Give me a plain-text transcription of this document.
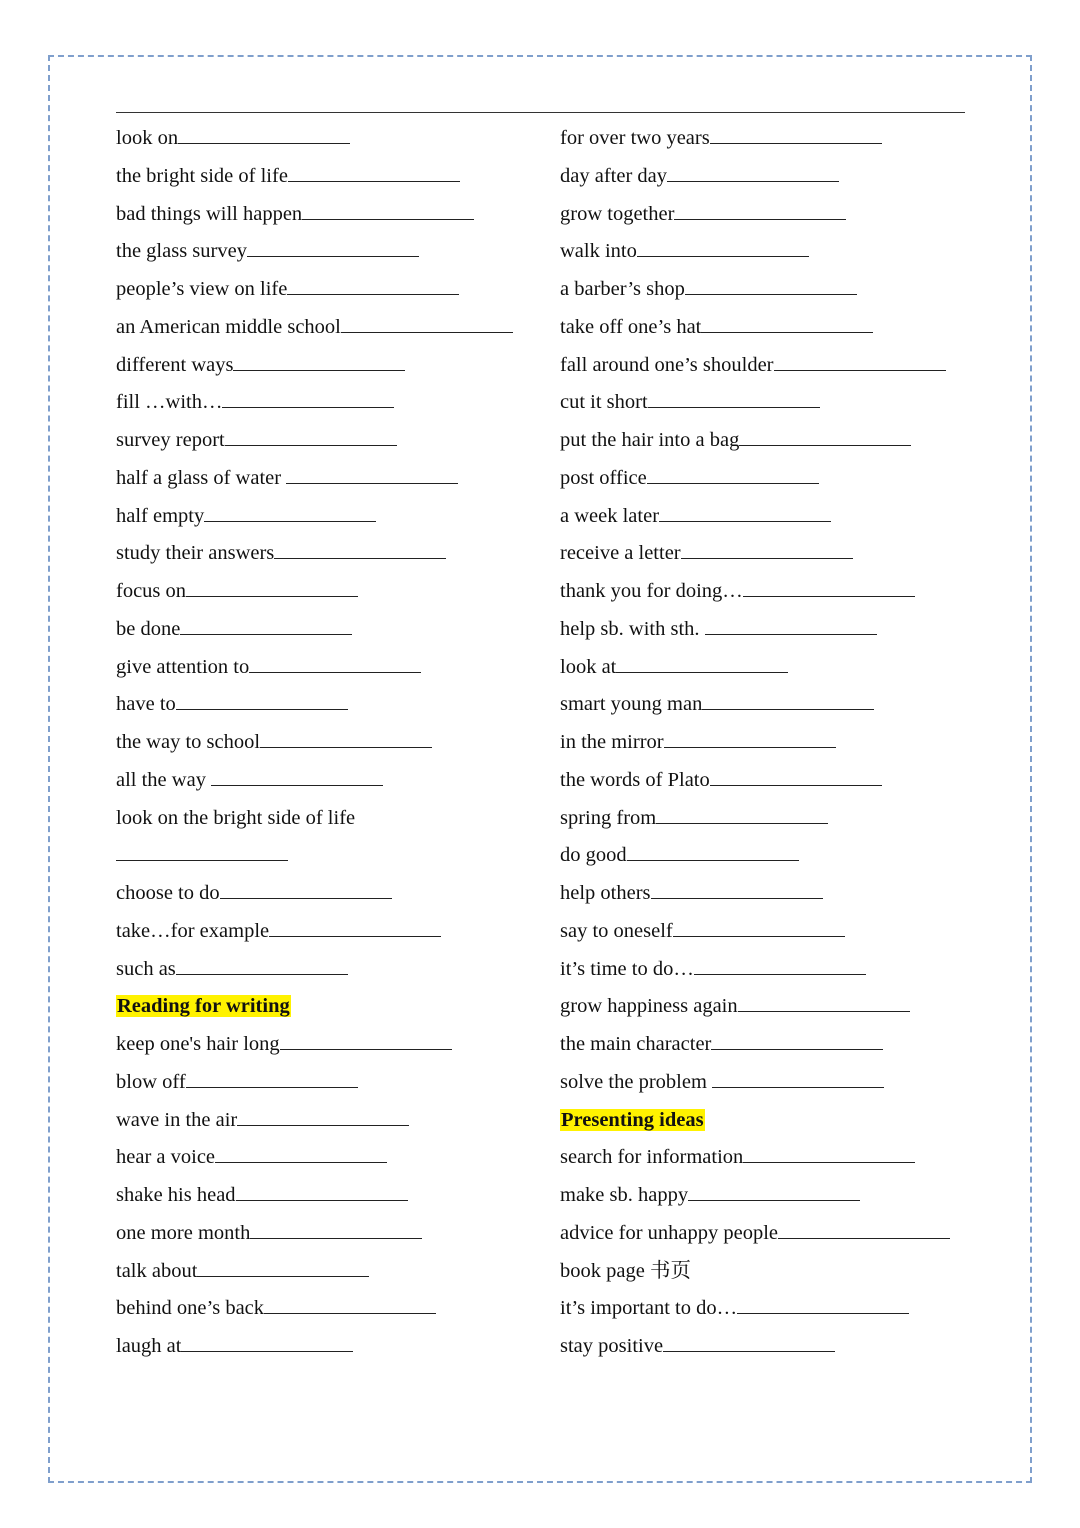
look on
the bright side of life
bad things will happen
the glass survey
people’s view on life
an American middle school
different ways
fill …with…
survey report
half a glass of water
half empty
study their answers
focus on
be done
give attention to
have to
the way to school
all the way
look on the bright side of life
choose to do
take…for example
such as
Reading for writing
keep one's hair long
blow off
wave in the air
hear a voice
shake his head
one more month
talk about
behind one’s back
laugh at
for over two years
day after day
grow together
walk into
a barber’s shop
take off one’s hat
fall around one’s shoulder
cut it short
put the hair into a bag
post office
a week later
receive a letter
thank you for doing…
help sb. with sth.
look at
smart young man
in the mirror
the words of Plato
spring from
do good
help others
say to oneself
it’s time to do…
grow happiness again
the main character
solve the problem
Presenting ideas
search for information
make sb. happy
advice for unhappy people
book page 书页
it’s important to do…
stay positive
